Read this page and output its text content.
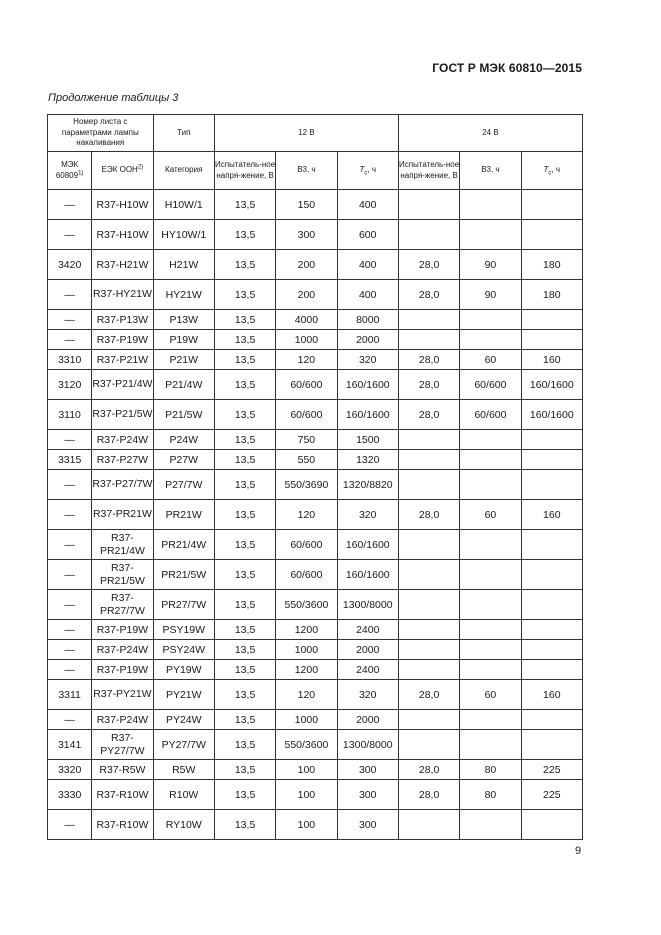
ГОСТ Р МЭК 60810—2015
Продолжение таблицы 3
Номер листа с параметрами лампы накаливания		Тип	12 В			24 В		
МЭК 60809$^{1)}$	ЕЭК ООН$^{2)}$	Категория	Испытатель-ное напря-жение, В	В3, ч	$T_c$, ч	Испытатель-ное напря-жение, В	В3, ч	$T_c$, ч
—	R37-H10W	H10W/1	13,5	150	400			
—	R37-H10W	HY10W/1	13,5	300	600			
3420	R37-H21W	H21W	13,5	200	400	28,0	90	180
—	R37-HY21W	HY21W	13,5	200	400	28,0	90	180
—	R37-P13W	P13W	13,5	4000	8000			
—	R37-P19W	P19W	13,5	1000	2000			
3310	R37-P21W	P21W	13,5	120	320	28,0	60	160
3120	R37-P21/4W	P21/4W	13,5	60/600	160/1600	28,0	60/600	160/1600
3110	R37-P21/5W	P21/5W	13,5	60/600	160/1600	28,0	60/600	160/1600
—	R37-P24W	P24W	13,5	750	1500			
3315	R37-P27W	P27W	13,5	550	1320			
—	R37-P27/7W	P27/7W	13,5	550/3690	1320/8820			
—	R37-PR21W	PR21W	13,5	120	320	28,0	60	160
—	R37-PR21/4W	PR21/4W	13,5	60/600	160/1600			
—	R37-PR21/5W	PR21/5W	13,5	60/600	160/1600			
—	R37-PR27/7W	PR27/7W	13,5	550/3600	1300/8000			
—	R37-P19W	PSY19W	13,5	1200	2400			
—	R37-P24W	PSY24W	13,5	1000	2000			
—	R37-P19W	PY19W	13,5	1200	2400			
3311	R37-PY21W	PY21W	13,5	120	320	28,0	60	160
—	R37-P24W	PY24W	13,5	1000	2000			
3141	R37-PY27/7W	PY27/7W	13,5	550/3600	1300/8000			
3320	R37-R5W	R5W	13,5	100	300	28,0	80	225
3330	R37-R10W	R10W	13,5	100	300	28,0	80	225
—	R37-R10W	RY10W	13,5	100	300			
9
